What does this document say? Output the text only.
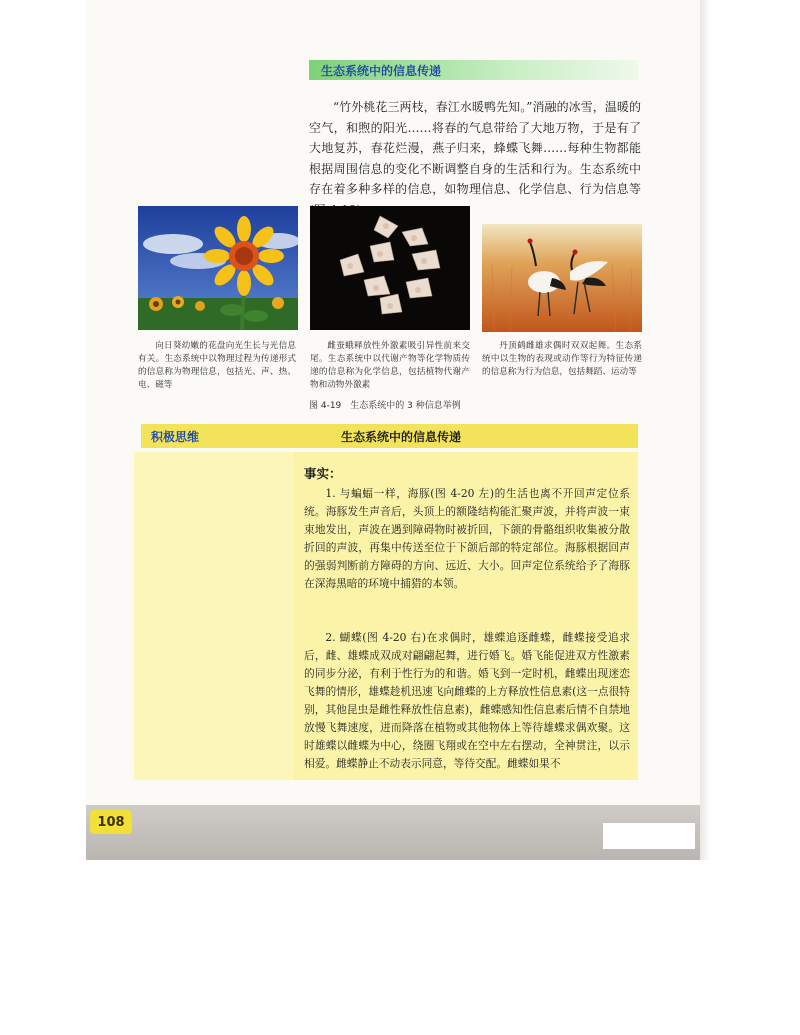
108
生态系统中的信息传递

“竹外桃花三两枝，春江水暖鸭先知。”消融的冰雪，温暖的空气，和煦的阳光……将春的气息带给了大地万物，于是有了大地复苏，春花烂漫，燕子归来，蜂蝶飞舞……每种生物都能根据周围信息的变化不断调整自身的生活和行为。生态系统中存在着多种多样的信息，如物理信息、化学信息、行为信息等

向日葵幼嫩的花盘向光生长与光信息有关。生态系统中以物理过程为传递形式的信息称为物理信息，包括光、声、热、电、磁等

雌蚕蛾释放性外激素吸引异性前来交尾。生态系统中以代谢产物等化学物质传递的信息称为化学信息，包括植物代谢产物和动物外激素

丹顶鹤雌雄求偶时双双起舞。生态系统中以生物的表现或动作等行为特征传递的信息称为行为信息，包括舞蹈、运动等

图 4-19　生态系统中的 3 种信息举例
积极思维	生态系统中的信息传递
事实：

1. 与蝙蝠一样，海豚(图 4-20 左)的生活也离不开回声定位系统。海豚发生声音后，头顶上的额隆结构能汇聚声波，并将声波一束束地发出，声波在遇到障碍物时被折回，下颌的骨骼组织收集被分散折回的声波，再集中传送至位于下颌后部的特定部位。海豚根据回声的强弱判断前方障碍的方向、远近、大小。回声定位系统给予了海豚在深海黑暗的环境中捕猎的本领。

2. 蝴蝶(图 4-20 右)在求偶时，雄蝶追逐雌蝶，雌蝶接受追求后，雌、雄蝶成双成对翩翩起舞，进行婚飞。婚飞能促进双方性激素的同步分泌，有利于性行为的和谐。婚飞到一定时机，雌蝶出现迷恋飞舞的情形，雄蝶趁机迅速飞向雌蝶的上方释放性信息素(这一点很特别，其他昆虫是雌性释放性信息素)，雌蝶感知性信息素后情不自禁地放慢飞舞速度，进而降落在植物或其他物体上等待雄蝶求偶欢聚。这时雄蝶以雌蝶为中心，绕圈飞翔或在空中左右摆动，全神贯注，以示相爱。雌蝶静止不动表示同意，等待交配。雌蝶如果不
